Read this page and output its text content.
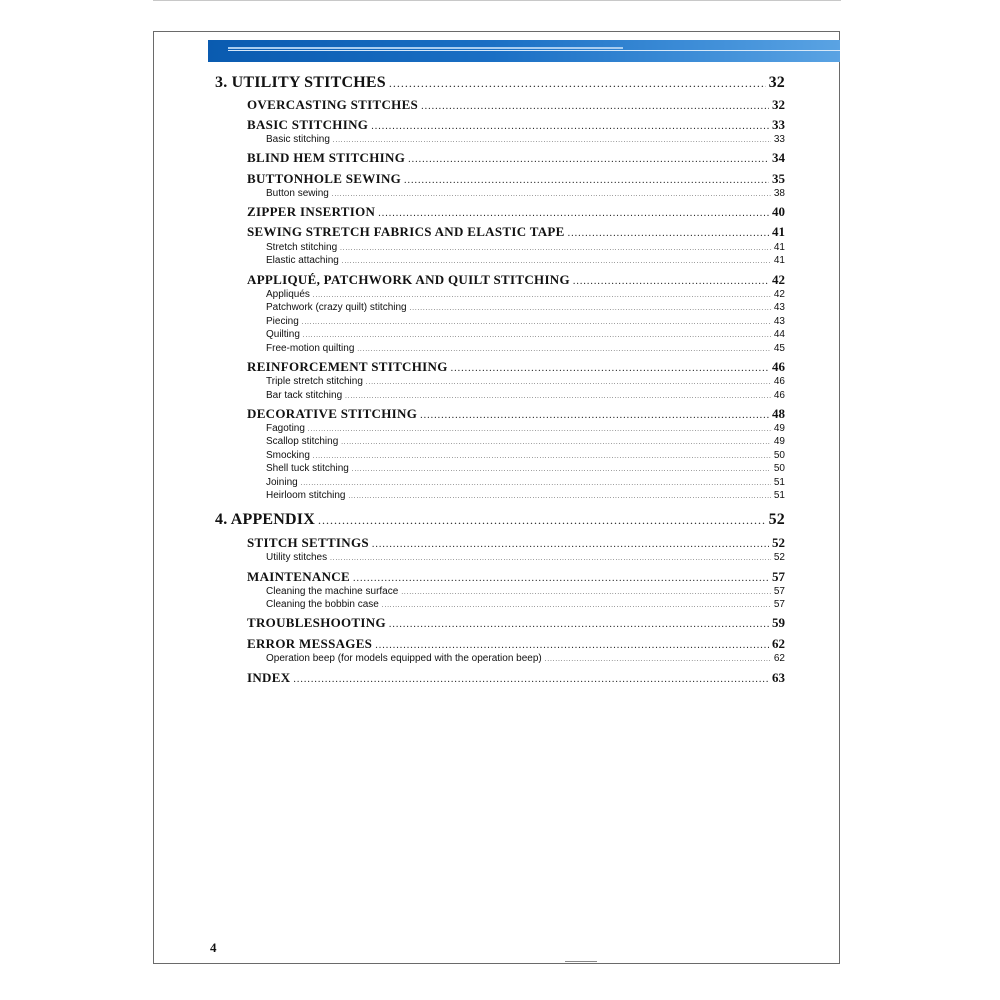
3. UTILITY STITCHES .....	32
OVERCASTING STITCHES .....	32
BASIC STITCHING .....	33
Basic stitching .....	33
BLIND HEM STITCHING .....	34
BUTTONHOLE SEWING .....	35
Button sewing .....	38
ZIPPER INSERTION .....	40
SEWING STRETCH FABRICS AND ELASTIC TAPE .....	41
Stretch stitching .....	41
Elastic attaching .....	41
APPLIQUÉ, PATCHWORK AND QUILT STITCHING .....	42
Appliqués .....	42
Patchwork (crazy quilt) stitching .....	43
Piecing .....	43
Quilting .....	44
Free-motion quilting .....	45
REINFORCEMENT STITCHING .....	46
Triple stretch stitching .....	46
Bar tack stitching .....	46
DECORATIVE STITCHING .....	48
Fagoting .....	49
Scallop stitching .....	49
Smocking .....	50
Shell tuck stitching .....	50
Joining .....	51
Heirloom stitching .....	51
4. APPENDIX .....	52
STITCH SETTINGS .....	52
Utility stitches .....	52
MAINTENANCE .....	57
Cleaning the machine surface .....	57
Cleaning the bobbin case .....	57
TROUBLESHOOTING .....	59
ERROR MESSAGES .....	62
Operation beep (for models equipped with the operation beep) .....	62
INDEX .....	63
4
